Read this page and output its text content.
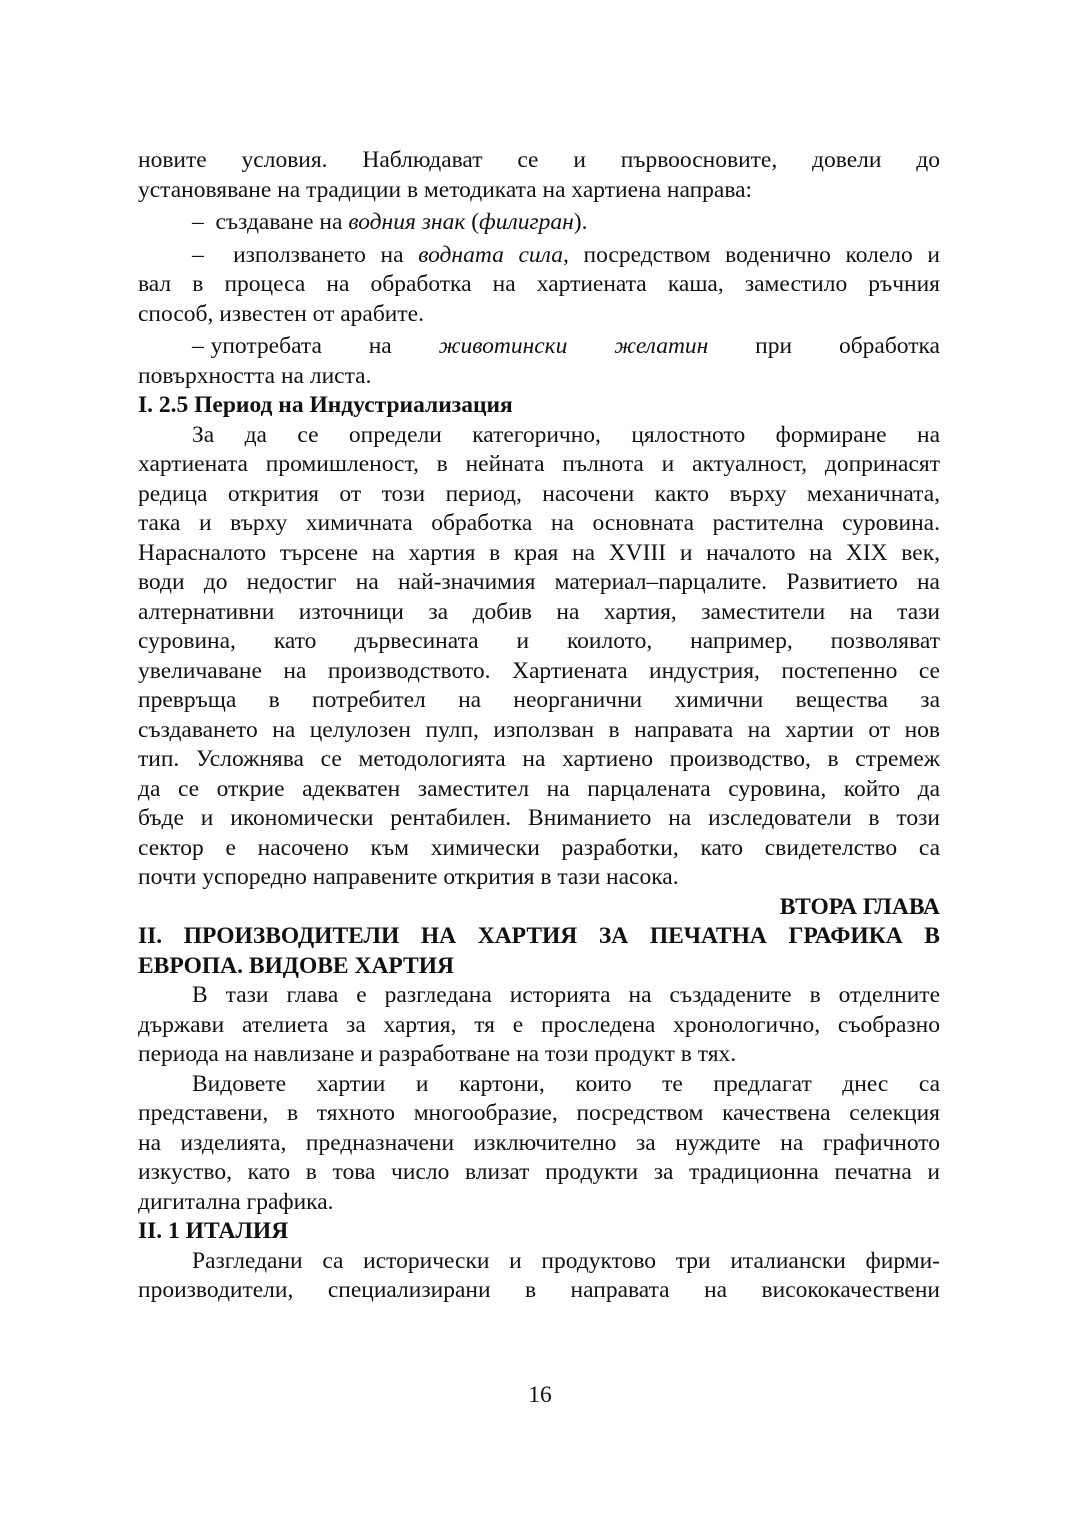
новите условия. Наблюдават се и първоосновите, довели до

установяване на традиции в методиката на хартиена направа:

– създаване на водния знак (филигран).

– използването на водната сила, посредством воденично колело и

вал в процеса на обработка на хартиената каша, заместило ръчния

способ, известен от арабите.

– употребата на животински желатин при обработка

повърхността на листа.

I. 2.5 Период на Индустриализация

За да се определи категорично, цялостното формиране на

хартиената промишленост, в нейната пълнота и актуалност, допринасят

редица открития от този период, насочени както върху механичната,

така и върху химичната обработка на основната растителна суровина.

Нарасналото търсене на хартия в края на XVIII и началото на XIX век,

води до недостиг на най-значимия материал–парцалите. Развитието на

алтернативни източници за добив на хартия, заместители на тази

суровина, като дървесината и коилото, например, позволяват

увеличаване на производството. Хартиената индустрия, постепенно се

превръща в потребител на неорганични химични вещества за

създаването на целулозен пулп, използван в направата на хартии от нов

тип. Усложнява се методологията на хартиено производство, в стремеж

да се открие адекватен заместител на парцалената суровина, който да

бъде и икономически рентабилен. Вниманието на изследователи в този

сектор е насочено към химически разработки, като свидетелство са

почти успоредно направените открития в тази насока.

ВТОРА ГЛАВА

II. ПРОИЗВОДИТЕЛИ НА ХАРТИЯ ЗА ПЕЧАТНА ГРАФИКА В

ЕВРОПА. ВИДОВЕ ХАРТИЯ

В тази глава е разгледана историята на създадените в отделните

държави ателиета за хартия, тя е проследена хронологично, съобразно

периода на навлизане и разработване на този продукт в тях.

Видовете хартии и картони, които те предлагат днес са

представени, в тяхното многообразие, посредством качествена селекция

на изделията, предназначени изключително за нуждите на графичното

изкуство, като в това число влизат продукти за традиционна печатна и

дигитална графика.

II. 1 ИТАЛИЯ

Разгледани са исторически и продуктово три италиански фирми-

производители, специализирани в направата на висококачествени

16
